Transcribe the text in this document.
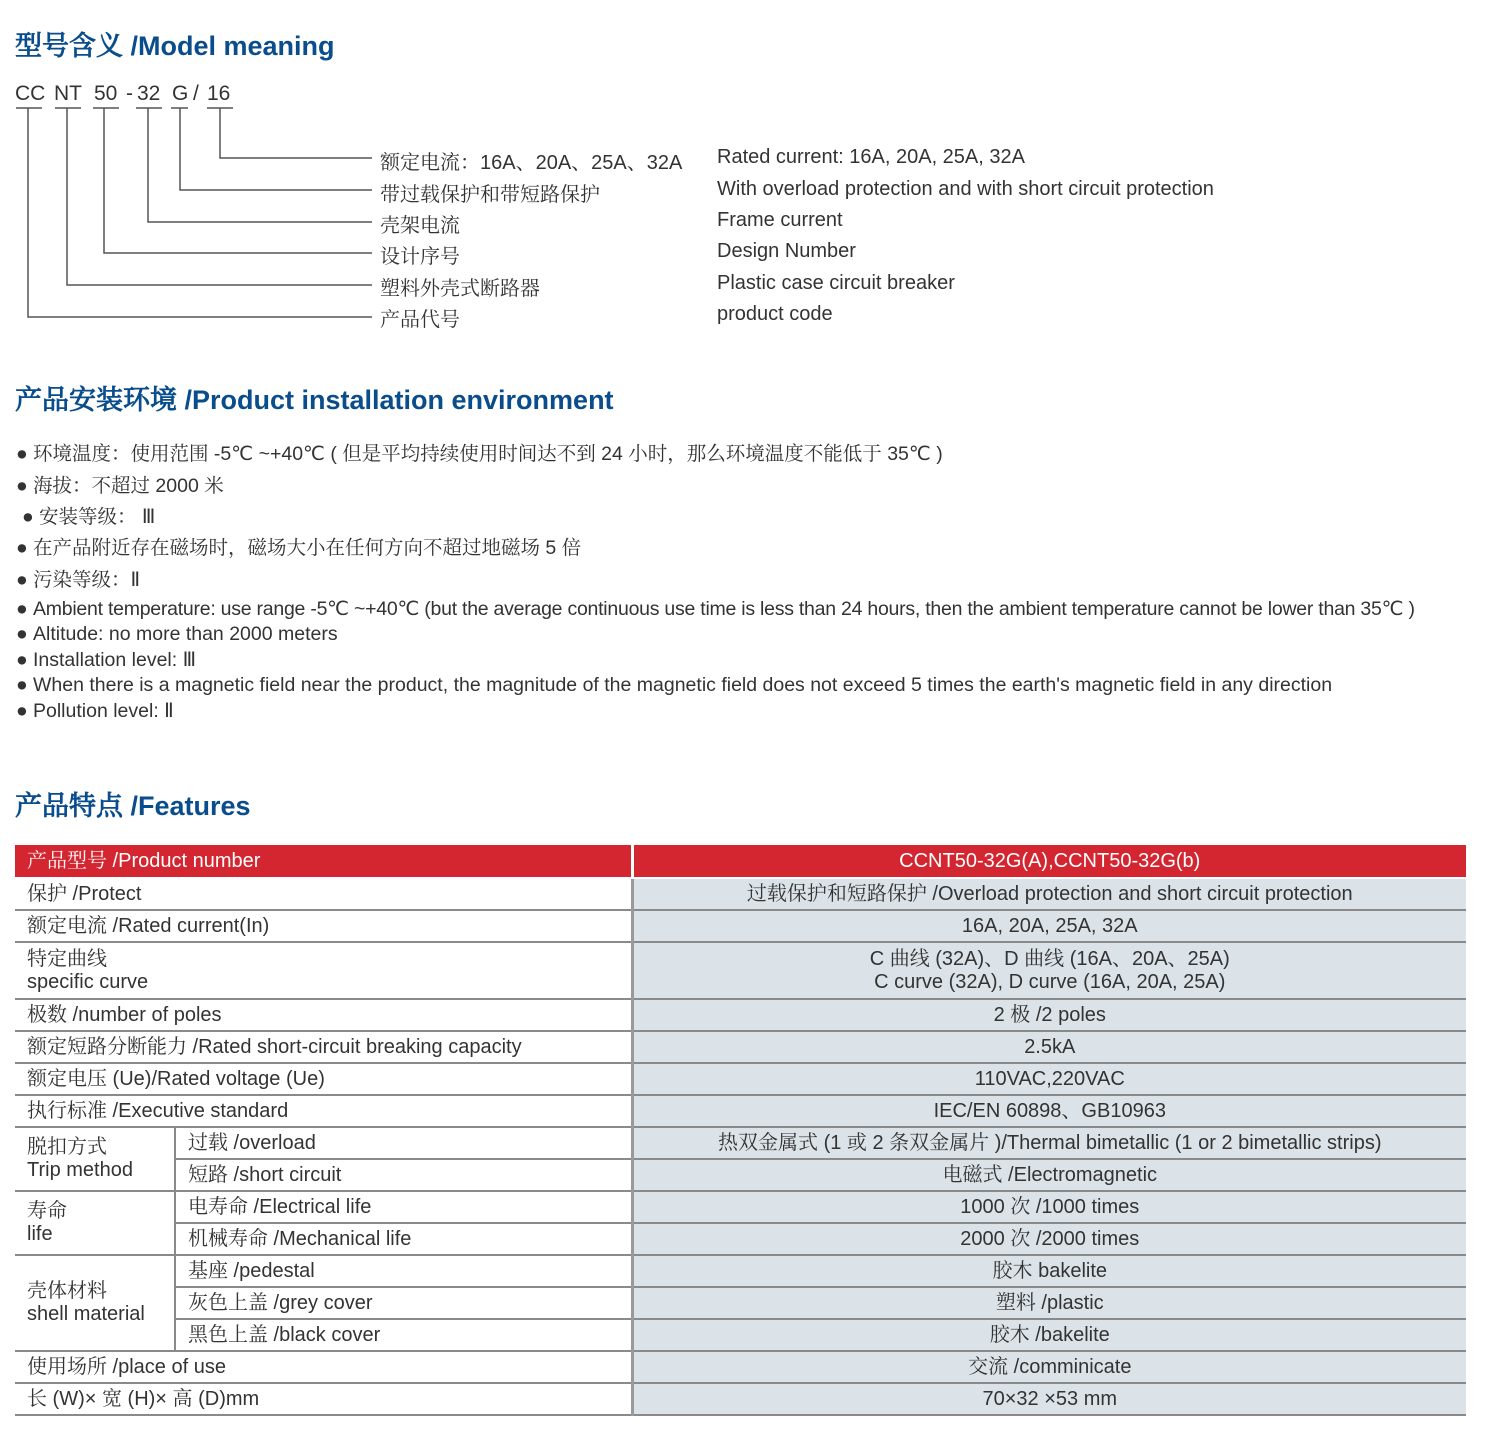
型号含义 /Model meaning
CC NT 50 - 32 G / 16
额定电流：16A、20A、25A、32A Rated current: 16A, 20A, 25A, 32A
带过载保护和带短路保护	With overload protection and with short circuit protection
壳架电流	Frame current
设计序号	Design Number
塑料外壳式断路器	Plastic case circuit breaker
产品代号	product code
产品安装环境 /Product installation environment
● 环境温度：使用范围 -5℃ ~+40℃ ( 但是平均持续使用时间达不到 24 小时，那么环境温度不能低于 35℃ )
● 海拔：不超过 2000 米
● 安装等级： Ⅲ
● 在产品附近存在磁场时，磁场大小在任何方向不超过地磁场 5 倍
● 污染等级：Ⅱ
● Ambient temperature: use range -5℃ ~+40℃ (but the average continuous use time is less than 24 hours, then the ambient temperature cannot be lower than 35℃ )
● Altitude: no more than 2000 meters
● Installation level: Ⅲ
● When there is a magnetic field near the product, the magnitude of the magnetic field does not exceed 5 times the earth's magnetic field in any direction
● Pollution level: Ⅱ
产品特点 /Features
产品型号 /Product number		CCNT50-32G(A),CCNT50-32G(b)
保护 /Protect		过载保护和短路保护 /Overload protection and short circuit protection
额定电流 /Rated current(In)		16A, 20A, 25A, 32A

特定曲线
specific curve		C 曲线 (32A)、D 曲线 (16A、20A、25A)
C curve (32A), D curve (16A, 20A, 25A)

极数 /number of poles		2 极 /2 poles
额定短路分断能力 /Rated short-circuit breaking capacity		2.5kA
额定电压 (Ue)/Rated voltage (Ue)		110VAC,220VAC
执行标准 /Executive standard		IEC/EN 60898、GB10963

脱扣方式
Trip method	过载 /overload	热双金属式 (1 或 2 条双金属片 )/Thermal bimetallic (1 or 2 bimetallic strips)
	短路 /short circuit	电磁式 /Electromagnetic

寿命
life	电寿命 /Electrical life	1000 次 /1000 times
	机械寿命 /Mechanical life	2000 次 /2000 times

壳体材料
shell material	基座 /pedestal	胶木 bakelite
	灰色上盖 /grey cover	塑料 /plastic
	黑色上盖 /black cover	胶木 /bakelite
使用场所 /place of use		交流 /comminicate
长 (W)× 宽 (H)× 高 (D)mm		70×32 ×53 mm
